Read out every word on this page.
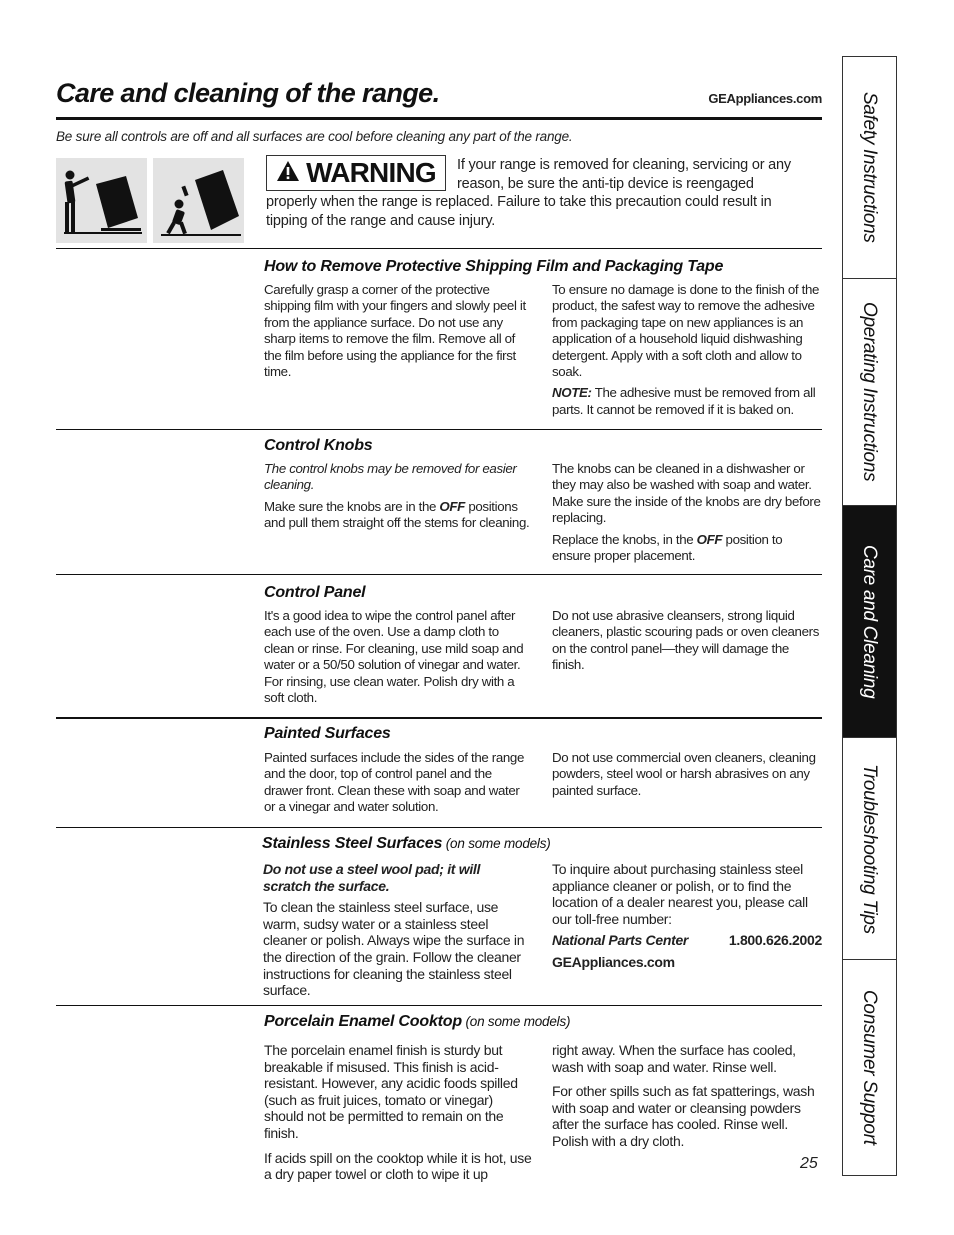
Care and cleaning of the range.	GEAppliances.com
Be sure all controls are off and all surfaces are cool before cleaning any part of the range.
WARNING If your range is removed for cleaning, servicing or any reason, be sure the anti-tip device is reengaged
properly when the range is replaced. Failure to take this precaution could result in tipping of the range and cause injury.
How to Remove Protective Shipping Film and Packaging Tape

Carefully grasp a corner of the protective shipping film with your fingers and slowly peel it from the appliance surface. Do not use any sharp items to remove the film. Remove all of the film before using the appliance for the first time.

To ensure no damage is done to the finish of the product, the safest way to remove the adhesive from packaging tape on new appliances is an application of a household liquid dishwashing detergent. Apply with a soft cloth and allow to soak.

NOTE: The adhesive must be removed from all parts. It cannot be removed if it is baked on.

Control Knobs

The control knobs may be removed for easier cleaning.

Make sure the knobs are in the OFF positions and pull them straight off the stems for cleaning.

The knobs can be cleaned in a dishwasher or they may also be washed with soap and water. Make sure the inside of the knobs are dry before replacing.

Replace the knobs, in the OFF position to ensure proper placement.

Control Panel

It's a good idea to wipe the control panel after each use of the oven. Use a damp cloth to clean or rinse. For cleaning, use mild soap and water or a 50/50 solution of vinegar and water. For rinsing, use clean water. Polish dry with a soft cloth.

Do not use abrasive cleansers, strong liquid cleaners, plastic scouring pads or oven cleaners on the control panel—they will damage the finish.

Painted Surfaces

Painted surfaces include the sides of the range and the door, top of control panel and the drawer front. Clean these with soap and water or a vinegar and water solution.

Do not use commercial oven cleaners, cleaning powders, steel wool or harsh abrasives on any painted surface.

Stainless Steel Surfaces (on some models)

Do not use a steel wool pad; it will scratch the surface.

To clean the stainless steel surface, use warm, sudsy water or a stainless steel cleaner or polish. Always wipe the surface in the direction of the grain. Follow the cleaner instructions for cleaning the stainless steel surface.

To inquire about purchasing stainless steel appliance cleaner or polish, or to find the location of a dealer nearest you, please call our toll-free number:

National Parts Center	1.800.626.2002

GEAppliances.com

Porcelain Enamel Cooktop (on some models)

The porcelain enamel finish is sturdy but breakable if misused. This finish is acid-resistant. However, any acidic foods spilled (such as fruit juices, tomato or vinegar) should not be permitted to remain on the finish.

If acids spill on the cooktop while it is hot, use a dry paper towel or cloth to wipe it up

right away. When the surface has cooled, wash with soap and water. Rinse well.

For other spills such as fat spatterings, wash with soap and water or cleansing powders after the surface has cooled. Rinse well. Polish with a dry cloth.

25
Safety Instructions
Operating Instructions
Care and Cleaning
Troubleshooting Tips
Consumer Support
